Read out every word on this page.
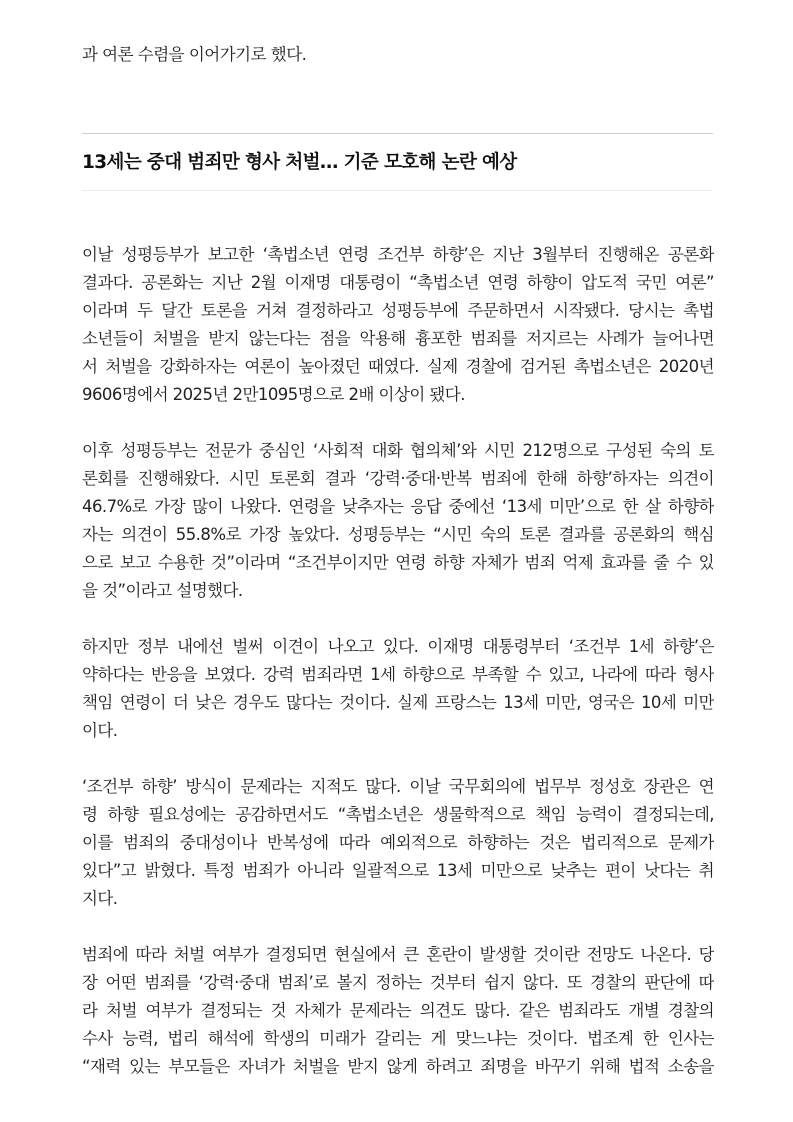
과 여론 수렴을 이어가기로 했다.
13세는 중대 범죄만 형사 처벌… 기준 모호해 논란 예상

이날 성평등부가 보고한 ‘촉법소년 연령 조건부 하향’은 지난 3월부터 진행해온 공론화
결과다. 공론화는 지난 2월 이재명 대통령이 “촉법소년 연령 하향이 압도적 국민 여론”
이라며 두 달간 토론을 거쳐 결정하라고 성평등부에 주문하면서 시작됐다. 당시는 촉법
소년들이 처벌을 받지 않는다는 점을 악용해 흉포한 범죄를 저지르는 사례가 늘어나면
서 처벌을 강화하자는 여론이 높아졌던 때였다. 실제 경찰에 검거된 촉법소년은 2020년
9606명에서 2025년 2만1095명으로 2배 이상이 됐다.

이후 성평등부는 전문가 중심인 ‘사회적 대화 협의체’와 시민 212명으로 구성된 숙의 토
론회를 진행해왔다. 시민 토론회 결과 ‘강력·중대·반복 범죄에 한해 하향’하자는 의견이
46.7%로 가장 많이 나왔다. 연령을 낮추자는 응답 중에선 ‘13세 미만’으로 한 살 하향하
자는 의견이 55.8%로 가장 높았다. 성평등부는 “시민 숙의 토론 결과를 공론화의 핵심
으로 보고 수용한 것”이라며 “조건부이지만 연령 하향 자체가 범죄 억제 효과를 줄 수 있
을 것”이라고 설명했다.

하지만 정부 내에선 벌써 이견이 나오고 있다. 이재명 대통령부터 ‘조건부 1세 하향’은
약하다는 반응을 보였다. 강력 범죄라면 1세 하향으로 부족할 수 있고, 나라에 따라 형사
책임 연령이 더 낮은 경우도 많다는 것이다. 실제 프랑스는 13세 미만, 영국은 10세 미만
이다.

‘조건부 하향’ 방식이 문제라는 지적도 많다. 이날 국무회의에 법무부 정성호 장관은 연
령 하향 필요성에는 공감하면서도 “촉법소년은 생물학적으로 책임 능력이 결정되는데,
이를 범죄의 중대성이나 반복성에 따라 예외적으로 하향하는 것은 법리적으로 문제가
있다”고 밝혔다. 특정 범죄가 아니라 일괄적으로 13세 미만으로 낮추는 편이 낫다는 취
지다.

범죄에 따라 처벌 여부가 결정되면 현실에서 큰 혼란이 발생할 것이란 전망도 나온다. 당
장 어떤 범죄를 ‘강력·중대 범죄’로 볼지 정하는 것부터 쉽지 않다. 또 경찰의 판단에 따
라 처벌 여부가 결정되는 것 자체가 문제라는 의견도 많다. 같은 범죄라도 개별 경찰의
수사 능력, 법리 해석에 학생의 미래가 갈리는 게 맞느냐는 것이다. 법조계 한 인사는
“재력 있는 부모들은 자녀가 처벌을 받지 않게 하려고 죄명을 바꾸기 위해 법적 소송을
